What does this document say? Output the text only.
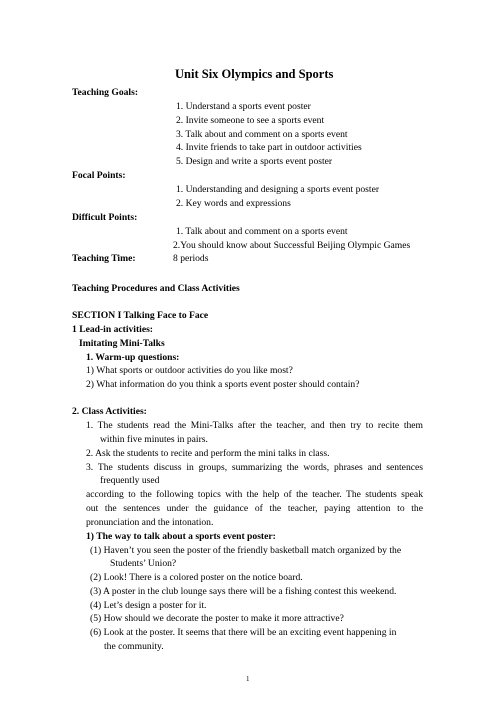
Unit Six Olympics and Sports
Teaching Goals:
1. Understand a sports event poster
2. Invite someone to see a sports event
3. Talk about and comment on a sports event
4. Invite friends to take part in outdoor activities
5. Design and write a sports event poster
Focal Points:
1. Understanding and designing a sports event poster
2. Key words and expressions
Difficult Points:
1. Talk about and comment on a sports event
2.You should know about Successful Beijing Olympic Games
Teaching Time:	8 periods
Teaching Procedures and Class Activities
SECTION I Talking Face to Face
1 Lead-in activities:
Imitating Mini-Talks
1. Warm-up questions:
1) What sports or outdoor activities do you like most?
2) What information do you think a sports event poster should contain?
2. Class Activities:
1. The students read the Mini-Talks after the teacher, and then try to recite them
within five minutes in pairs.
2. Ask the students to recite and perform the mini talks in class.
3. The students discuss in groups, summarizing the words, phrases and sentences
frequently used
according to the following topics with the help of the teacher. The students speak
out the sentences under the guidance of the teacher, paying attention to the
pronunciation and the intonation.
1) The way to talk about a sports event poster:
(1) Haven’t you seen the poster of the friendly basketball match organized by the
Students’ Union?
(2) Look! There is a colored poster on the notice board.
(3) A poster in the club lounge says there will be a fishing contest this weekend.
(4) Let’s design a poster for it.
(5) How should we decorate the poster to make it more attractive?
(6) Look at the poster. It seems that there will be an exciting event happening in
the community.
1
